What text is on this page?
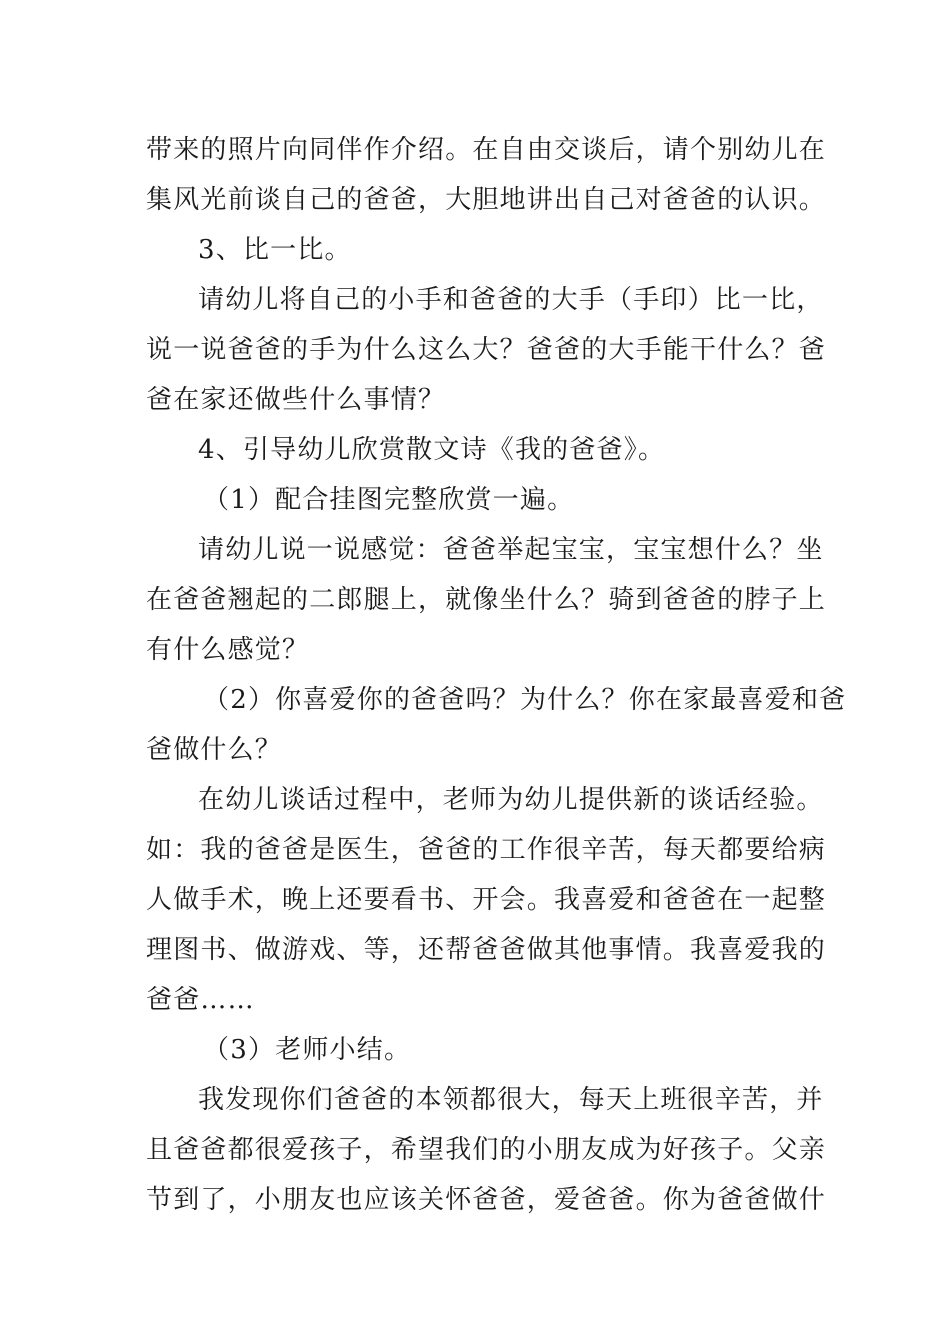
带来的照片向同伴作介绍。在自由交谈后，请个别幼儿在
集风光前谈自己的爸爸，大胆地讲出自己对爸爸的认识。
3、比一比。
请幼儿将自己的小手和爸爸的大手（手印）比一比，
说一说爸爸的手为什么这么大？爸爸的大手能干什么？爸
爸在家还做些什么事情？
4、引导幼儿欣赏散文诗《我的爸爸》。
（1）配合挂图完整欣赏一遍。
请幼儿说一说感觉：爸爸举起宝宝，宝宝想什么？坐
在爸爸翘起的二郎腿上，就像坐什么？骑到爸爸的脖子上
有什么感觉？
（2）你喜爱你的爸爸吗？为什么？你在家最喜爱和爸
爸做什么？
在幼儿谈话过程中，老师为幼儿提供新的谈话经验。
如：我的爸爸是医生，爸爸的工作很辛苦，每天都要给病
人做手术，晚上还要看书、开会。我喜爱和爸爸在一起整
理图书、做游戏、等，还帮爸爸做其他事情。我喜爱我的
爸爸……
（3）老师小结。
我发现你们爸爸的本领都很大，每天上班很辛苦，并
且爸爸都很爱孩子，希望我们的小朋友成为好孩子。父亲
节到了，小朋友也应该关怀爸爸，爱爸爸。你为爸爸做什
